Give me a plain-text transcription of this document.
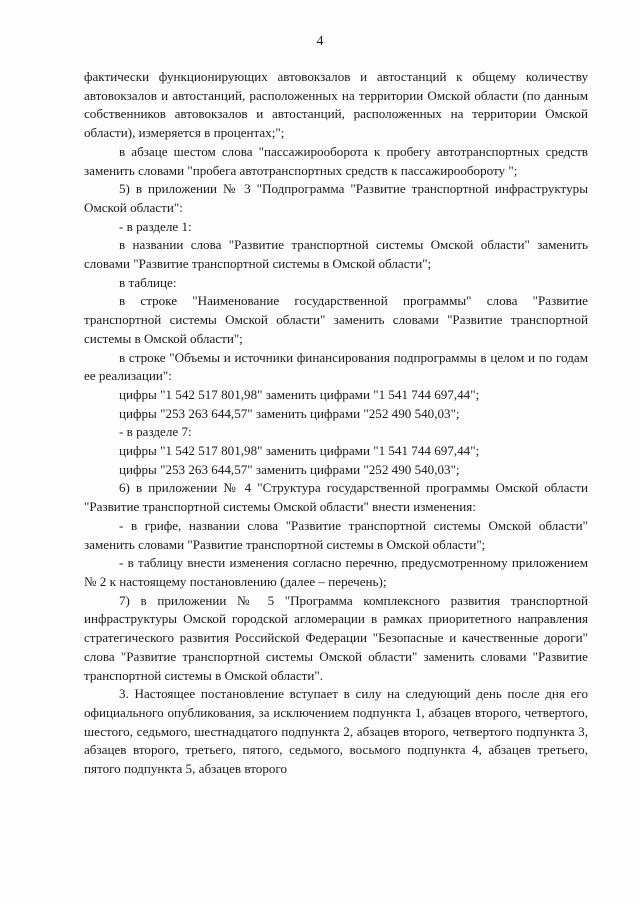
4

фактически функционирующих автовокзалов и автостанций к общему количеству автовокзалов и автостанций, расположенных на территории Омской области (по данным собственников автовокзалов и автостанций, расположенных на территории Омской области), измеряется в процентах;";

в абзаце шестом слова "пассажирооборота к пробегу автотранспортных средств заменить словами "пробега автотранспортных средств к пассажирообороту ";

5) в приложении № 3 "Подпрограмма "Развитие транспортной инфраструктуры Омской области":

- в разделе 1:

в названии слова "Развитие транспортной системы Омской области" заменить словами "Развитие транспортной системы в Омской области";

в таблице:

в строке "Наименование государственной программы" слова "Развитие транспортной системы Омской области" заменить словами "Развитие транспортной системы в Омской области";

в строке "Объемы и источники финансирования подпрограммы в целом и по годам ее реализации":

цифры "1 542 517 801,98" заменить цифрами "1 541 744 697,44";

цифры "253 263 644,57" заменить цифрами "252 490 540,03";

- в разделе 7:

цифры "1 542 517 801,98" заменить цифрами "1 541 744 697,44";

цифры "253 263 644,57" заменить цифрами "252 490 540,03";

6) в приложении № 4 "Структура государственной программы Омской области "Развитие транспортной системы Омской области" внести изменения:

- в грифе, названии слова "Развитие транспортной системы Омской области" заменить словами "Развитие транспортной системы в Омской области";

- в таблицу внести изменения согласно перечню, предусмотренному приложением № 2 к настоящему постановлению (далее – перечень);

7) в приложении № 5 "Программа комплексного развития транспортной инфраструктуры Омской городской агломерации в рамках приоритетного направления стратегического развития Российской Федерации "Безопасные и качественные дороги" слова "Развитие транспортной системы Омской области" заменить словами "Развитие транспортной системы в Омской области".

3. Настоящее постановление вступает в силу на следующий день после дня его официального опубликования, за исключением подпункта 1, абзацев второго, четвертого, шестого, седьмого, шестнадцатого подпункта 2, абзацев второго, четвертого подпункта 3, абзацев второго, третьего, пятого, седьмого, восьмого подпункта 4, абзацев третьего, пятого подпункта 5, абзацев второго
